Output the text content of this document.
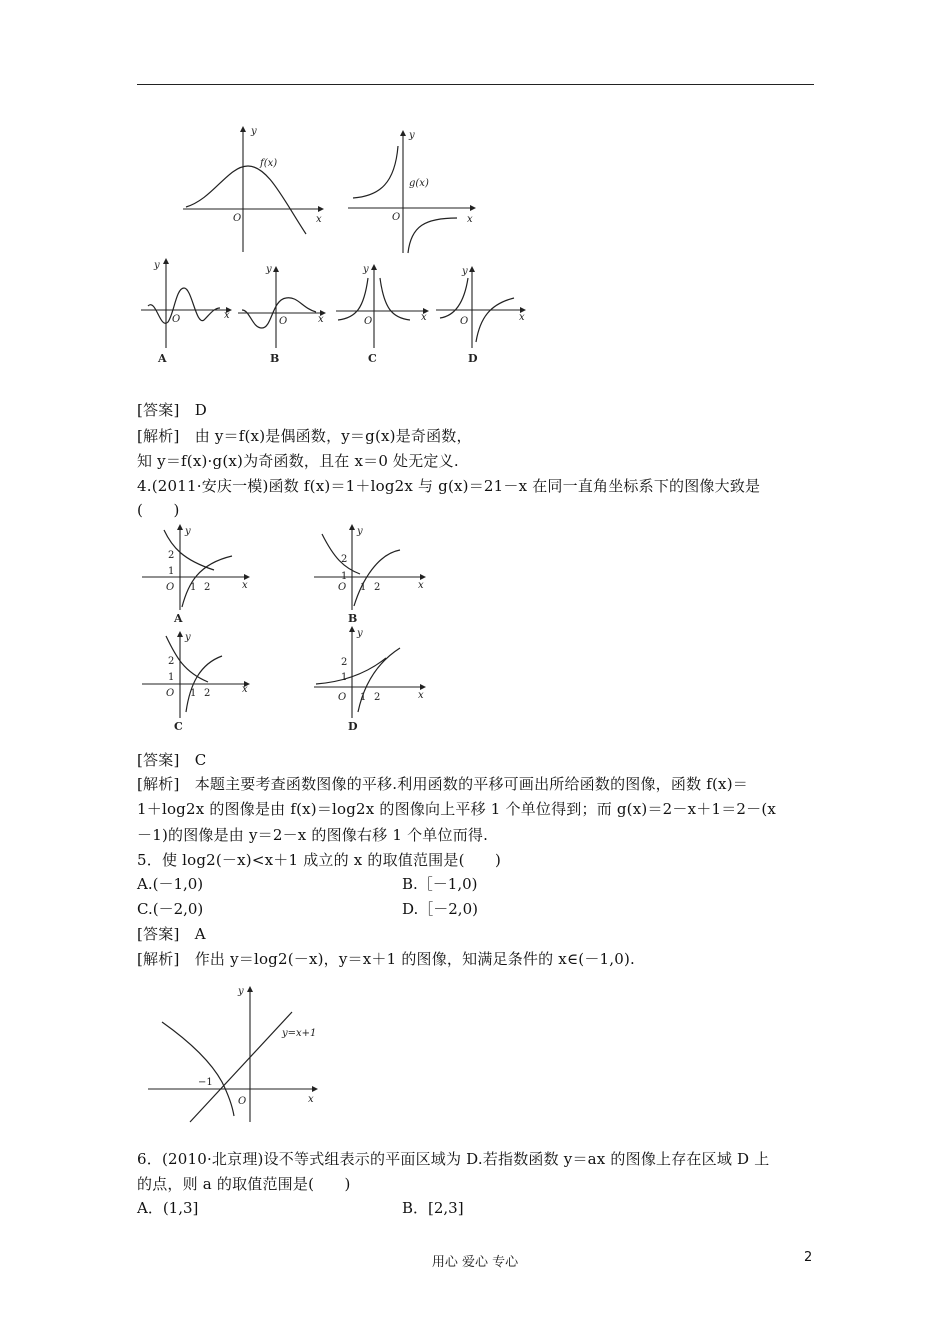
f(x)
y
x
O
g(x)
y
x
O
y
x
O
A
y
x
O
B
y
x
O
C
y
x
O
D
[答案]　D
[解析]　由 y＝f(x)是偶函数，y＝g(x)是奇函数，
知 y＝f(x)·g(x)为奇函数，且在 x＝0 处无定义.
4.(2011·安庆一模)函数 f(x)＝1＋log2x 与 g(x)＝21－x 在同一直角坐标系下的图像大致是
(　　)
y
x
O
2
1
1 2
A
y
x
O
2
1
1 2
B
y
x
O
2
1
1 2
C
y
x
O
2
1
1 2
D
[答案]　C
[解析]　本题主要考查函数图像的平移.利用函数的平移可画出所给函数的图像，函数 f(x)＝
1＋log2x 的图像是由 f(x)＝log2x 的图像向上平移 1 个单位得到；而 g(x)＝2－x＋1＝2－(x
－1)的图像是由 y＝2－x 的图像右移 1 个单位而得.
5．使 log2(－x)<x＋1 成立的 x 的取值范围是(　　)
A.(－1,0)	B.［－1,0)
C.(－2,0)	D.［－2,0)
[答案]　A
[解析]　作出 y＝log2(－x)，y＝x＋1 的图像，知满足条件的 x∈(－1,0).
y
x
O
y=x+1
−1
6．(2010·北京理)设不等式组表示的平面区域为 D.若指数函数 y＝ax 的图像上存在区域 D 上
的点，则 a 的取值范围是(　　)
A．(1,3]	B．[2,3]
用心 爱心 专心	2
